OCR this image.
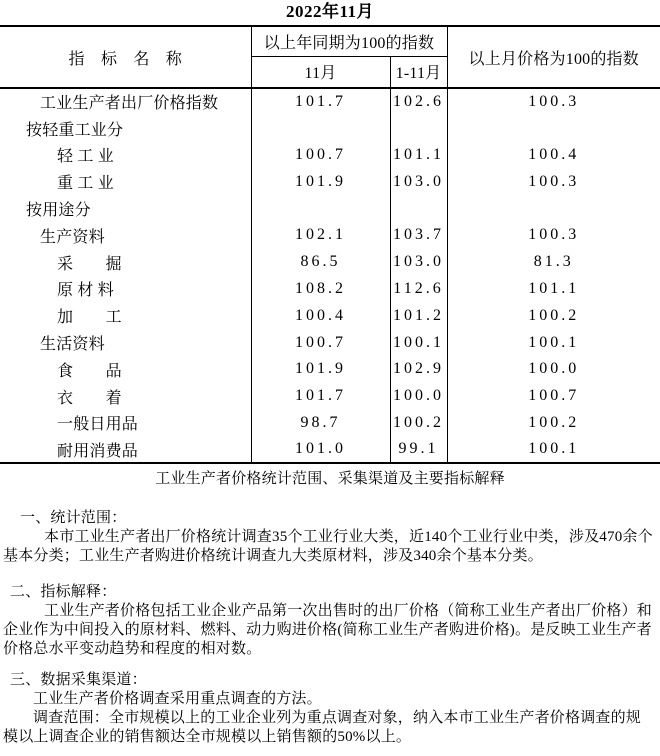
2022年11月
指　标　名　称	以上年同期为100的指数		以上月价格为100的指数
	11月	1-11月	
工业生产者出厂价格指数	101.7	102.6	100.3
按轻重工业分			
轻 工 业	100.7	101.1	100.4
重 工 业	101.9	103.0	100.3
按用途分			
生产资料	102.1	103.7	100.3
采　　掘	86.5	103.0	81.3
原 材 料	108.2	112.6	101.1
加　　工	100.4	101.2	100.2
生活资料	100.7	100.1	100.1
食　　品	101.9	102.9	100.0
衣　　着	101.7	100.0	100.7
一般日用品	98.7	100.2	100.2
耐用消费品	101.0	99.1	100.1
工业生产者价格统计范围、采集渠道及主要指标解释
一、统计范围：
本市工业生产者出厂价格统计调查35个工业行业大类，近140个工业行业中类，涉及470余个
基本分类；工业生产者购进价格统计调查九大类原材料，涉及340余个基本分类。
二、指标解释：
工业生产者价格包括工业企业产品第一次出售时的出厂价格（简称工业生产者出厂价格）和
企业作为中间投入的原材料、燃料、动力购进价格(简称工业生产者购进价格)。是反映工业生产者
价格总水平变动趋势和程度的相对数。
三、数据采集渠道：
工业生产者价格调查采用重点调查的方法。
调查范围：全市规模以上的工业企业列为重点调查对象，纳入本市工业生产者价格调查的规
模以上调查企业的销售额达全市规模以上销售额的50%以上。
